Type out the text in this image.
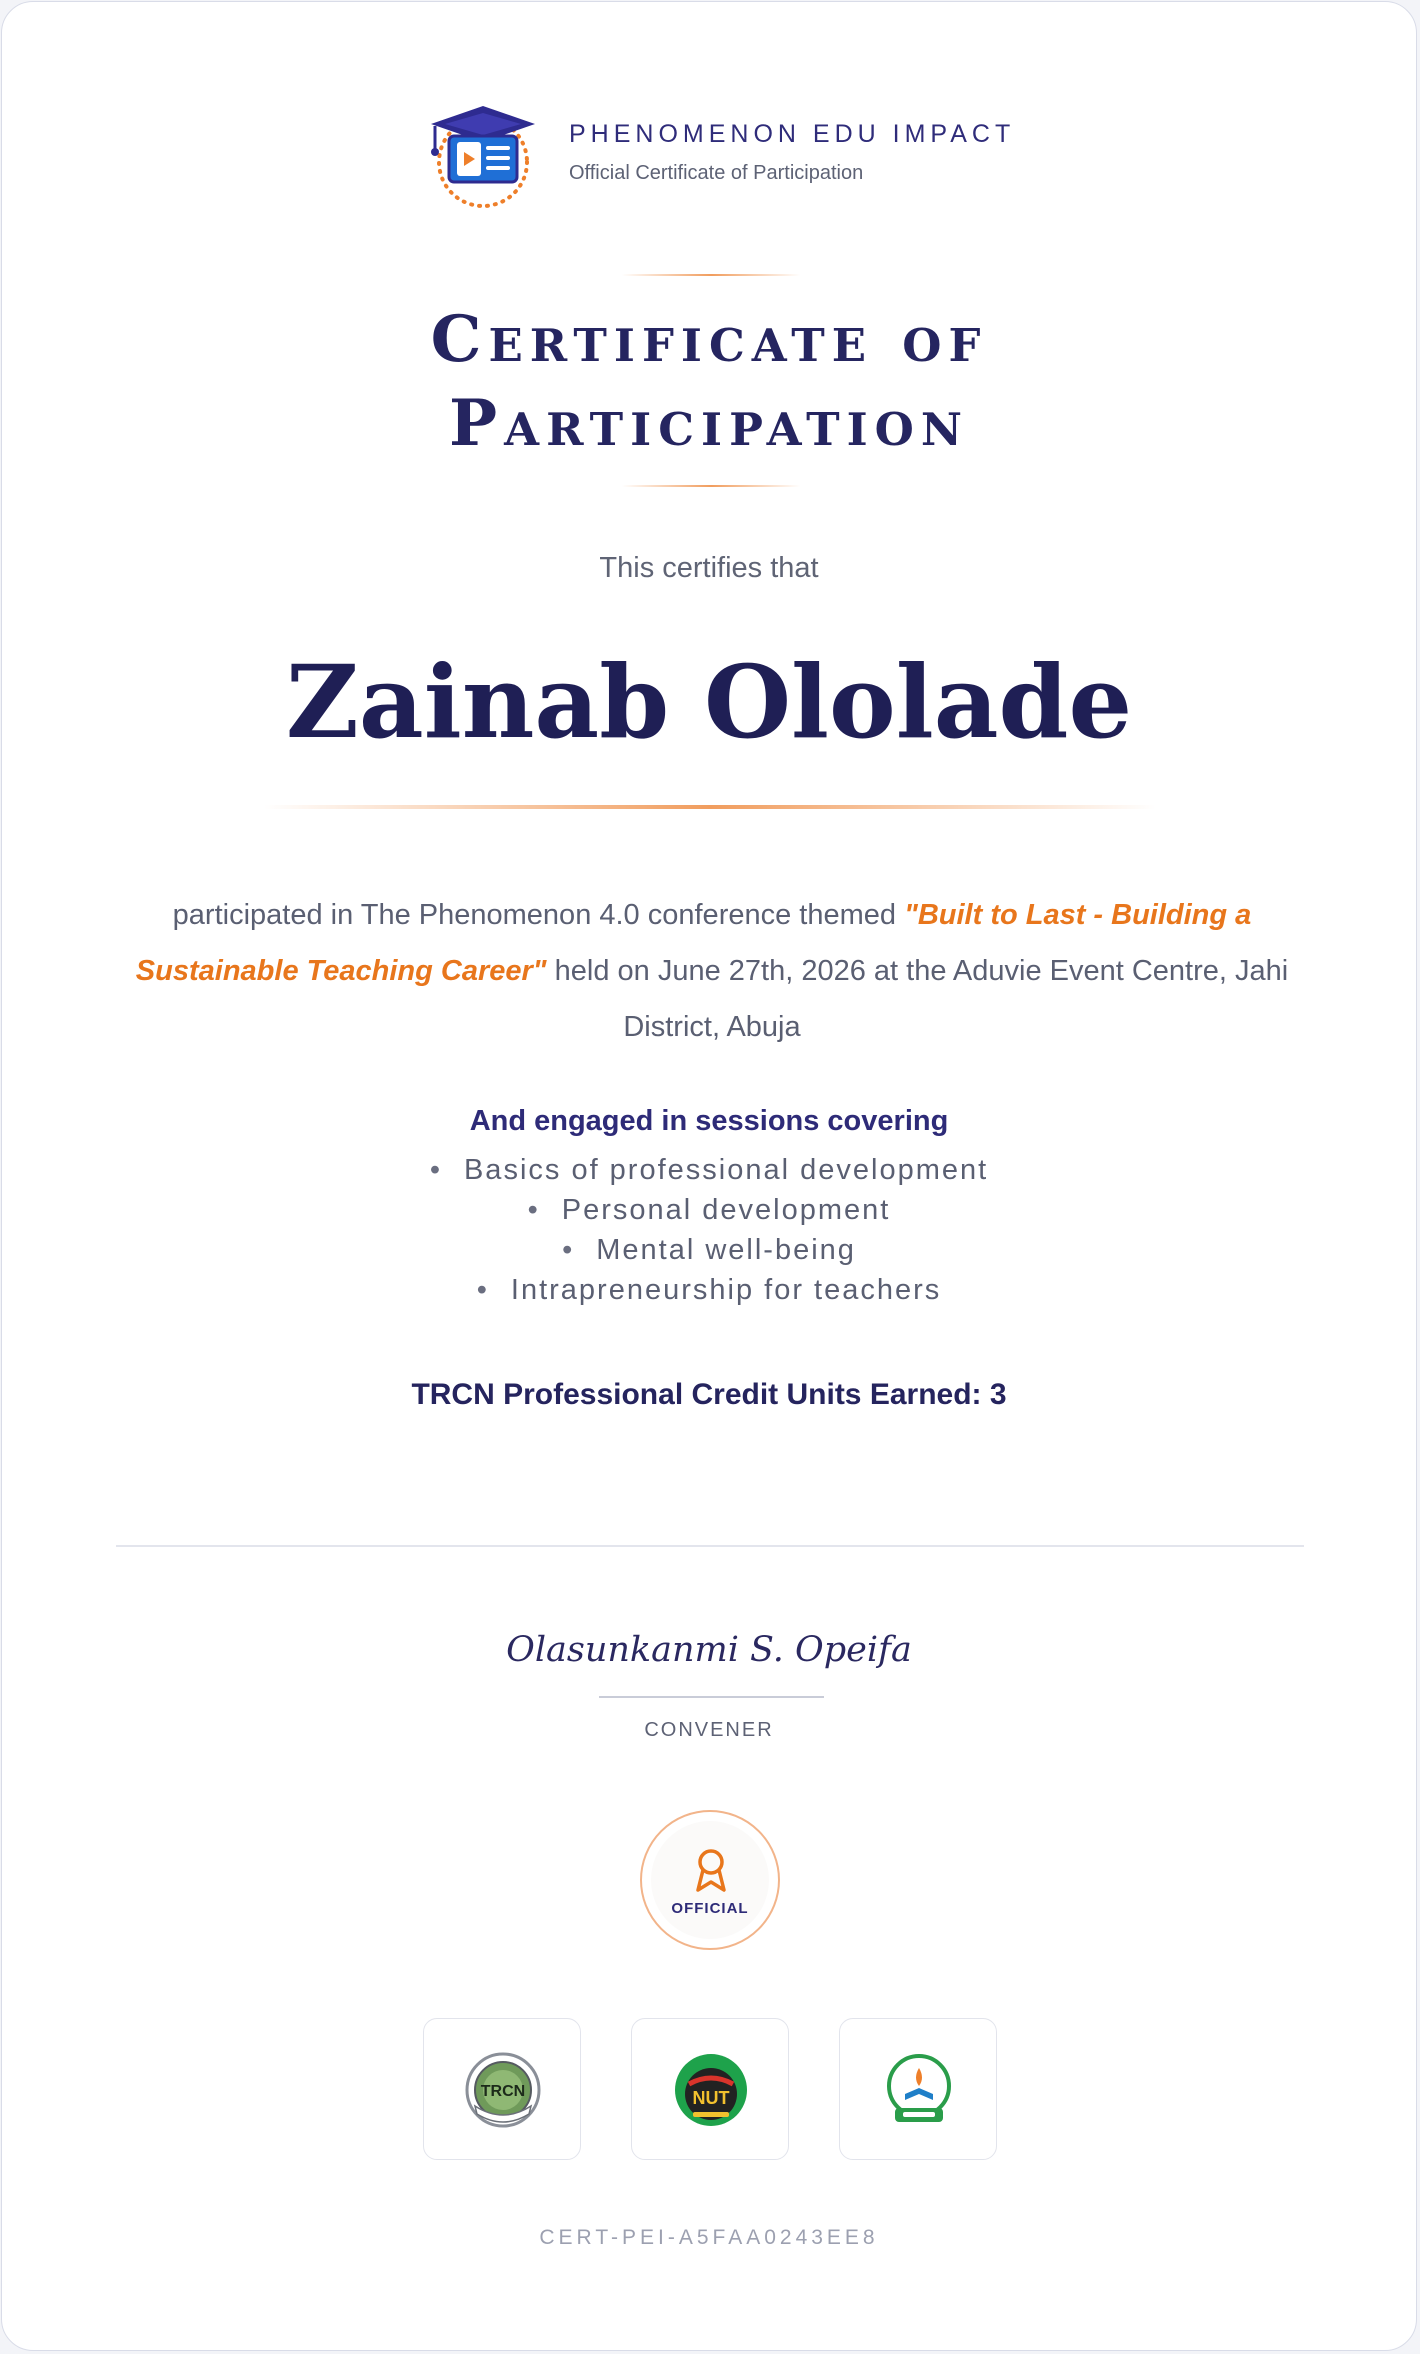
PHENOMENON EDU IMPACT
Official Certificate of Participation
Certificate of
Participation
This certifies that
Zainab Ololade
participated in The Phenomenon 4.0 conference themed "Built to Last - Building a Sustainable Teaching Career" held on June 27th, 2026 at the Aduvie Event Centre, Jahi District, Abuja
And engaged in sessions covering
• Basics of professional development
• Personal development
• Mental well-being
• Intrapreneurship for teachers
TRCN Professional Credit Units Earned: 3
Olasunkanmi S. Opeifa
CONVENER
OFFICIAL
TRCN	NUT
CERT-PEI-A5FAA0243EE8
